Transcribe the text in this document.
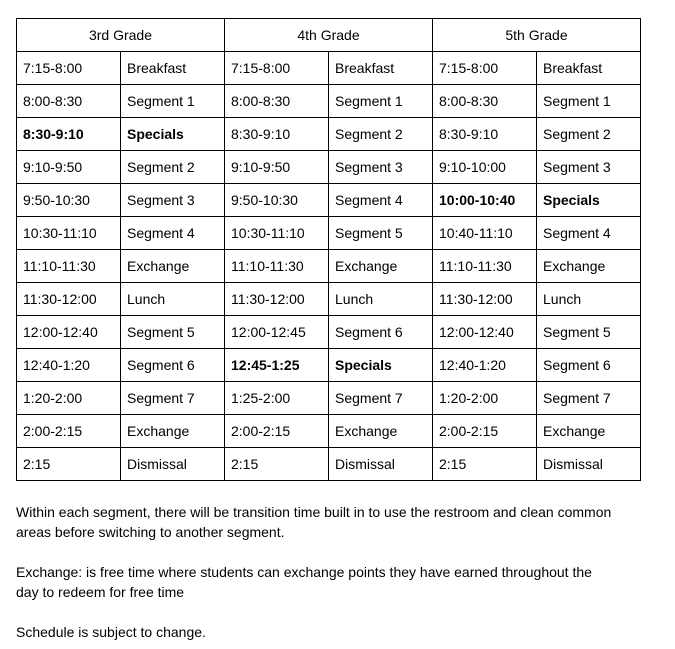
3rd Grade		4th Grade		5th Grade	
7:15-8:00	Breakfast	7:15-8:00	Breakfast	7:15-8:00	Breakfast
8:00-8:30	Segment 1	8:00-8:30	Segment 1	8:00-8:30	Segment 1
8:30-9:10	Specials	8:30-9:10	Segment 2	8:30-9:10	Segment 2
9:10-9:50	Segment 2	9:10-9:50	Segment 3	9:10-10:00	Segment 3
9:50-10:30	Segment 3	9:50-10:30	Segment 4	10:00-10:40	Specials
10:30-11:10	Segment 4	10:30-11:10	Segment 5	10:40-11:10	Segment 4
11:10-11:30	Exchange	11:10-11:30	Exchange	11:10-11:30	Exchange
11:30-12:00	Lunch	11:30-12:00	Lunch	11:30-12:00	Lunch
12:00-12:40	Segment 5	12:00-12:45	Segment 6	12:00-12:40	Segment 5
12:40-1:20	Segment 6	12:45-1:25	Specials	12:40-1:20	Segment 6
1:20-2:00	Segment 7	1:25-2:00	Segment 7	1:20-2:00	Segment 7
2:00-2:15	Exchange	2:00-2:15	Exchange	2:00-2:15	Exchange
2:15	Dismissal	2:15	Dismissal	2:15	Dismissal

Within each segment, there will be transition time built in to use the restroom and clean common

areas before switching to another segment.

Exchange: is free time where students can exchange points they have earned throughout the

day to redeem for free time

Schedule is subject to change.
